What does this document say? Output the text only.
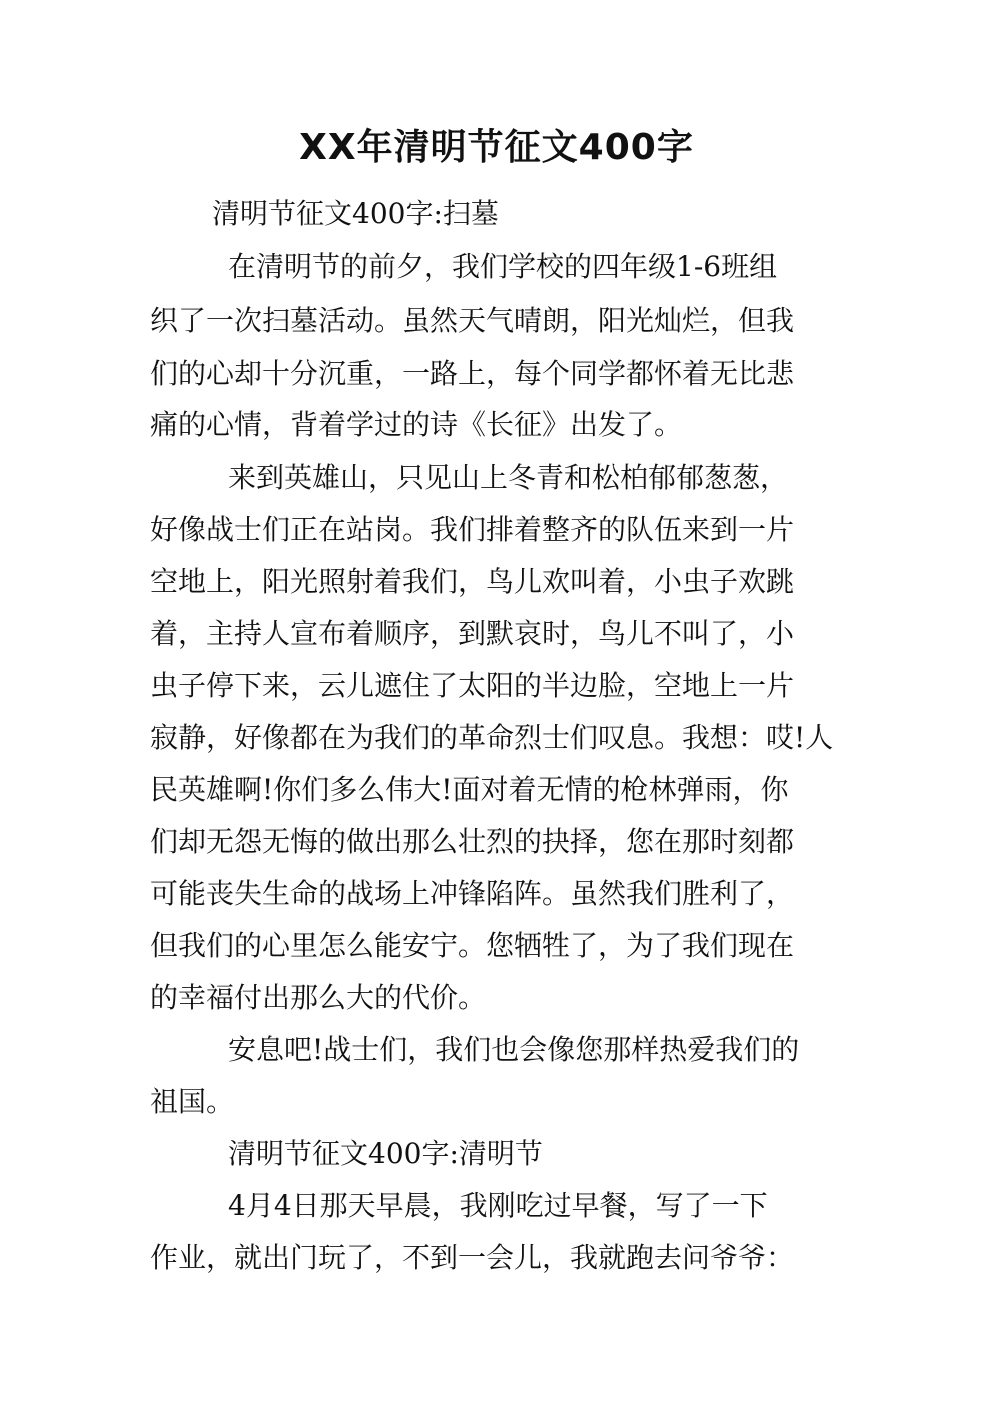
XX年清明节征文400字
清明节征文400字:扫墓
在清明节的前夕，我们学校的四年级1-6班组
织了一次扫墓活动。虽然天气晴朗，阳光灿烂，但我
们的心却十分沉重，一路上，每个同学都怀着无比悲
痛的心情，背着学过的诗《长征》出发了。
来到英雄山，只见山上冬青和松柏郁郁葱葱，
好像战士们正在站岗。我们排着整齐的队伍来到一片
空地上，阳光照射着我们，鸟儿欢叫着，小虫子欢跳
着，主持人宣布着顺序，到默哀时，鸟儿不叫了，小
虫子停下来，云儿遮住了太阳的半边脸，空地上一片
寂静，好像都在为我们的革命烈士们叹息。我想：哎!人
民英雄啊!你们多么伟大!面对着无情的枪林弹雨，你
们却无怨无悔的做出那么壮烈的抉择，您在那时刻都
可能丧失生命的战场上冲锋陷阵。虽然我们胜利了，
但我们的心里怎么能安宁。您牺牲了，为了我们现在
的幸福付出那么大的代价。
安息吧!战士们，我们也会像您那样热爱我们的
祖国。
清明节征文400字:清明节
4月4日那天早晨，我刚吃过早餐，写了一下
作业，就出门玩了，不到一会儿，我就跑去问爷爷：
